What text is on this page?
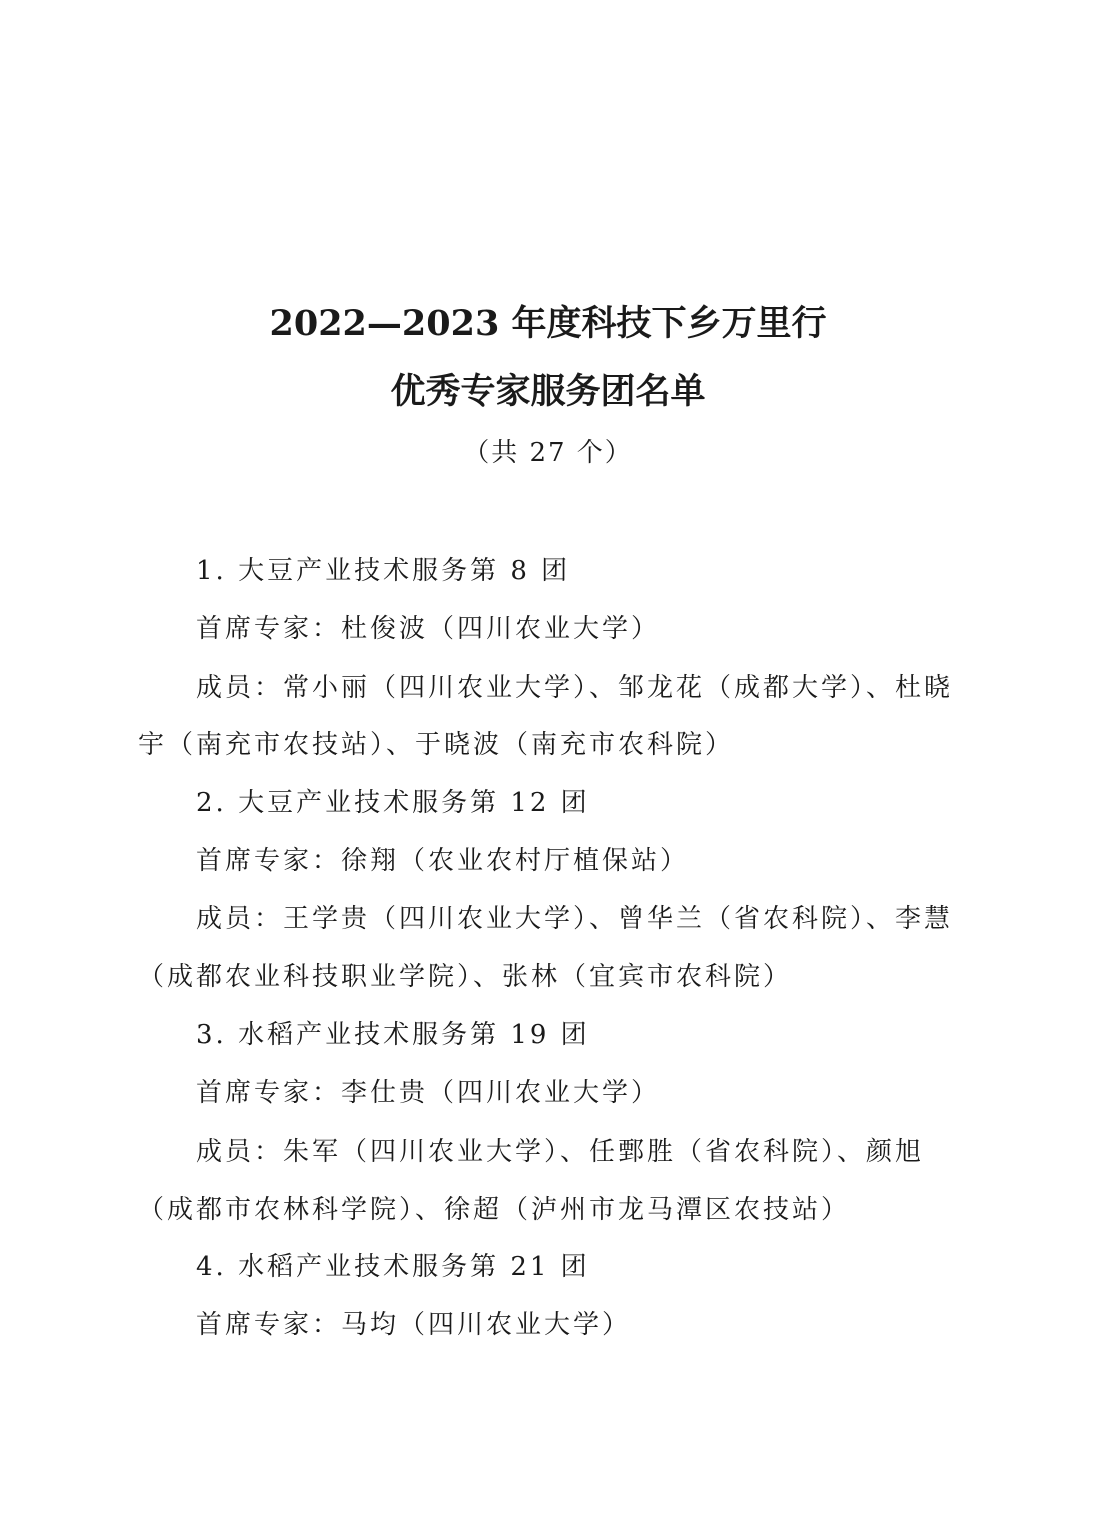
2022—2023 年度科技下乡万里行
优秀专家服务团名单
（共 27 个）
1. 大豆产业技术服务第 8 团
首席专家：杜俊波（四川农业大学）
成员：常小丽（四川农业大学）、邹龙花（成都大学）、杜晓
宇（南充市农技站）、于晓波（南充市农科院）
2. 大豆产业技术服务第 12 团
首席专家：徐翔（农业农村厅植保站）
成员：王学贵（四川农业大学）、曾华兰（省农科院）、李慧
（成都农业科技职业学院）、张林（宜宾市农科院）
3. 水稻产业技术服务第 19 团
首席专家：李仕贵（四川农业大学）
成员：朱军（四川农业大学）、任鄄胜（省农科院）、颜旭
（成都市农林科学院）、徐超（泸州市龙马潭区农技站）
4. 水稻产业技术服务第 21 团
首席专家：马均（四川农业大学）
